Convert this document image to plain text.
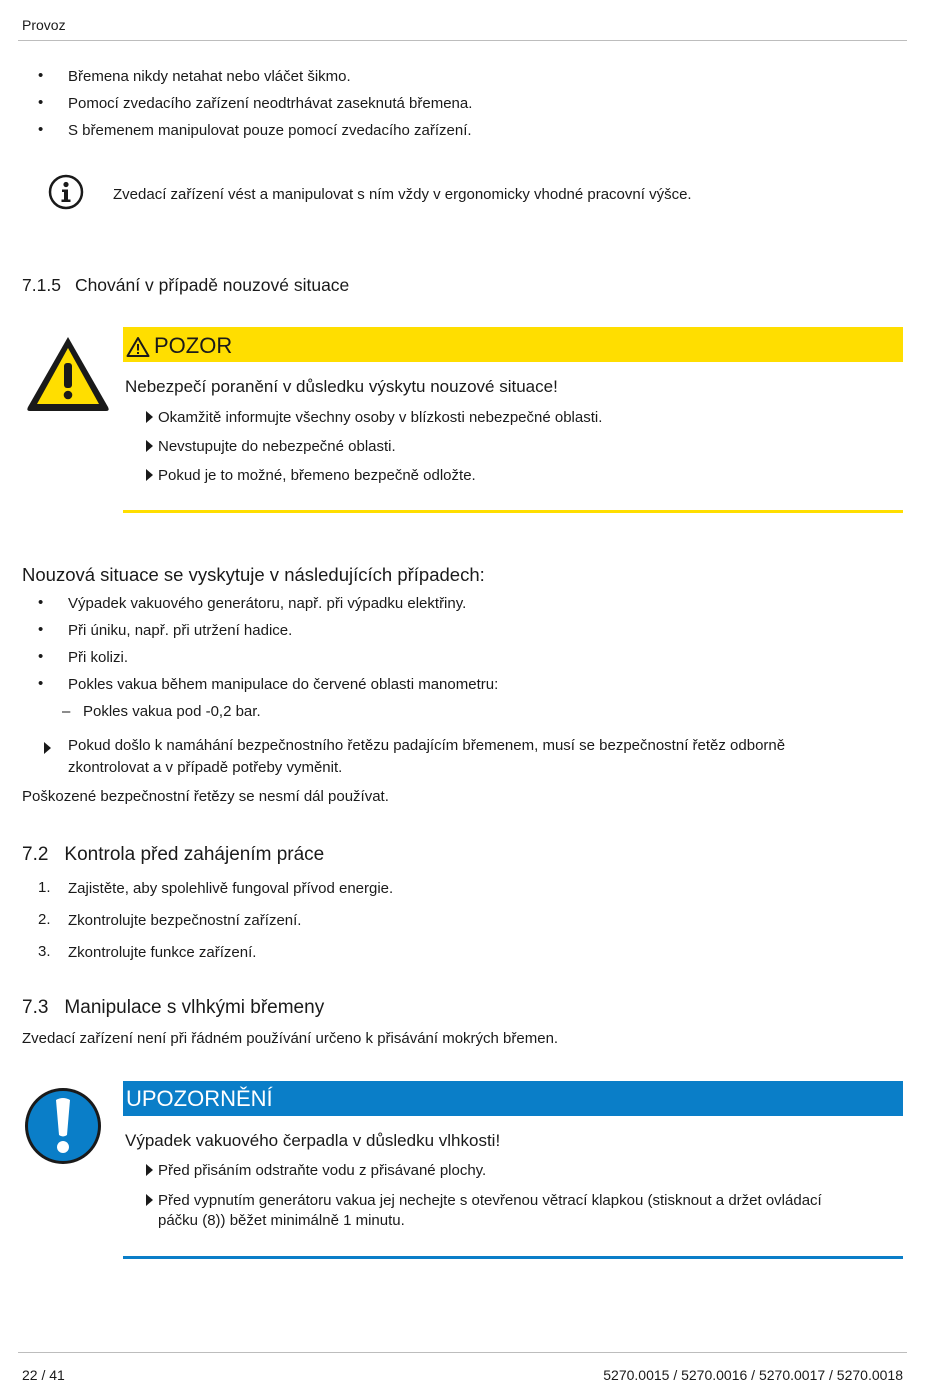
Provoz
• Břemena nikdy netahat nebo vláčet šikmo.
• Pomocí zvedacího zařízení neodtrhávat zaseknutá břemena.
• S břemenem manipulovat pouze pomocí zvedacího zařízení.
Zvedací zařízení vést a manipulovat s ním vždy v ergonomicky vhodné pracovní výšce.
7.1.5 Chování v případě nouzové situace
POZOR
Nebezpečí poranění v důsledku výskytu nouzové situace!
Okamžitě informujte všechny osoby v blízkosti nebezpečné oblasti.
Nevstupujte do nebezpečné oblasti.
Pokud je to možné, břemeno bezpečně odložte.
Nouzová situace se vyskytuje v následujících případech:
• Výpadek vakuového generátoru, např. při výpadku elektřiny.
• Při úniku, např. při utržení hadice.
• Při kolizi.
• Pokles vakua během manipulace do červené oblasti manometru:
– Pokles vakua pod -0,2 bar.
Pokud došlo k namáhání bezpečnostního řetězu padajícím břemenem, musí se bezpečnostní řetěz odborně
zkontrolovat a v případě potřeby vyměnit.
Poškozené bezpečnostní řetězy se nesmí dál používat.
7.2 Kontrola před zahájením práce
1. Zajistěte, aby spolehlivě fungoval přívod energie.
2. Zkontrolujte bezpečnostní zařízení.
3. Zkontrolujte funkce zařízení.
7.3 Manipulace s vlhkými břemeny
Zvedací zařízení není při řádném používání určeno k přisávání mokrých břemen.
UPOZORNĚNÍ
Výpadek vakuového čerpadla v důsledku vlhkosti!
Před přisáním odstraňte vodu z přisávané plochy.
Před vypnutím generátoru vakua jej nechejte s otevřenou větrací klapkou (stisknout a držet ovládací
páčku (8)) běžet minimálně 1 minutu.
22 / 41	5270.0015 / 5270.0016 / 5270.0017 / 5270.0018
